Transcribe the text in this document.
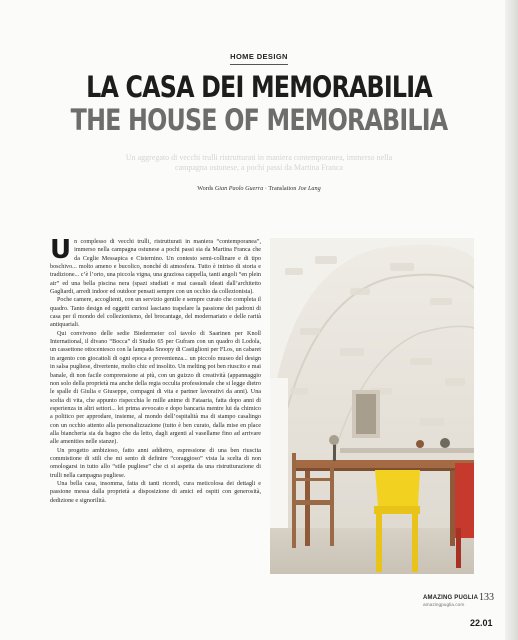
HOME DESIGN
LA CASA DEI MEMORABILIA
THE HOUSE OF MEMORABILIA
Un aggregato di vecchi trulli ristrutturati in maniera contemporanea, immerso nella campagna ostunese, a pochi passi da Martina Franca
Words Gian Paolo Guerra · Translation Joe Lang

Un complesso di vecchi trulli, ristrutturati in maniera “contemporanea”, immerso nella campagna ostunese a pochi passi sia da Martina Franca che da Ceglie Messapica e Cisternino. Un contesto semi-collinare e di tipo boschivo... molto ameno e bucolico, nonché di atmosfera. Tutto è intriso di storia e tradizione... c’è l’orto, una piccola vigna, una graziosa cappella, tanti angoli “en plein air” ed una bella piscina nera (spazi studiati e mai casuali ideati dall’architetto Gagliardi, arredi indoor ed outdoor pensati sempre con un occhio da collezionista).

Poche camere, accoglienti, con un servizio gentile e sempre curato che completa il quadro. Tanto design ed oggetti curiosi lasciano trapelare la passione dei padroni di casa per il mondo del collezionismo, del brocantage, del modernariato e delle rarità antiquariali.

Qui convivono delle sedie Biedermeier col tavolo di Saarinen per Knoll International, il divano “Bocca” di Studio 65 per Gufram con un quadro di Lodola, un cassettone ottocentesco con la lampada Snoopy di Castiglioni per FLos, un cabaret in argento con giocattoli di ogni epoca e provenienza... un piccolo museo del design in salsa pugliese, divertente, molto chic ed insolito. Un melting pot ben riuscito e mai banale, di non facile comprensione ai più, con un guizzo di creatività (appannaggio non solo della proprietà ma anche della regia occulta professionale che si legge dietro le spalle di Giulia e Giuseppe, compagni di vita e partner lavorativi da anni). Una scelta di vita, che appunto rispecchia le mille anime di Fataaria, fatta dopo anni di esperienza in altri settori... lei prima avvocato e dopo bancaria mentre lui da chimico a politico per approdare, insieme, al mondo dell’ospitalità ma di stampo casalingo con un occhio attento alla personalizzazione (tutto è ben curato, dalla mise en place alla biancheria sia da bagno che da letto, dagli argenti al vasellame fino ad arrivare alle amenities nelle stanze).

Un progetto ambizioso, fatto anni addietro, espressione di una ben riuscita commistione di stili che mi sento di definire “coraggioso” vista la scelta di non omologarsi in tutto allo “stile pugliese” che ci si aspetta da una ristrutturazione di trulli nella campagna pugliese.

Una bella casa, insomma, fatta di tanti ricordi, cura meticolosa dei dettagli e passione messa dalla proprietà a disposizione di amici ed ospiti con generosità, dedizione e signorilità.

AMAZING PUGLIA
amazingpuglia.com
133
22.01
